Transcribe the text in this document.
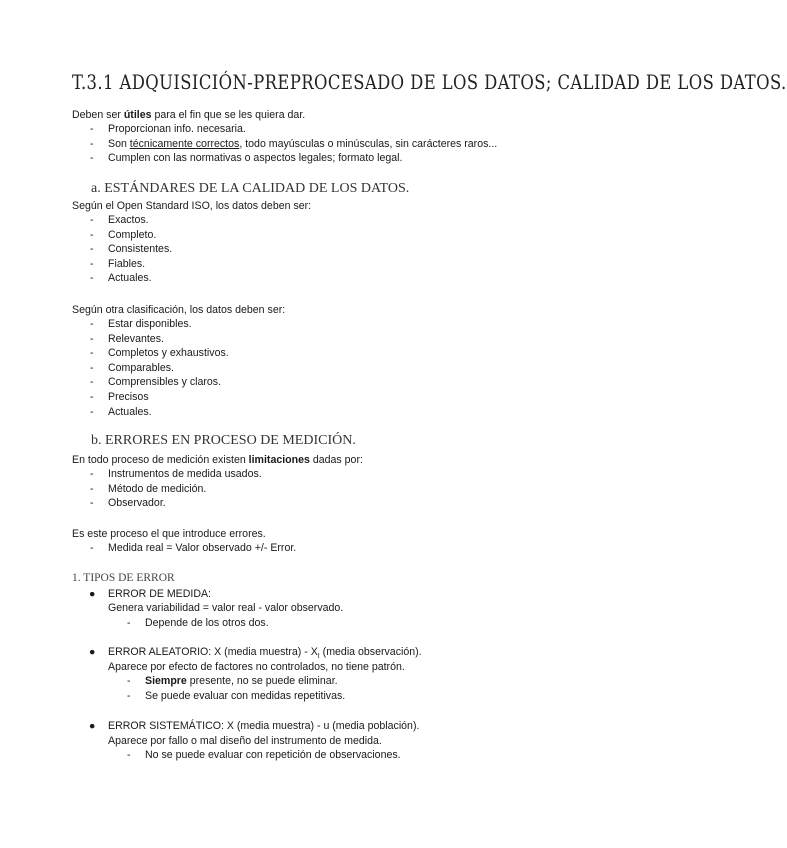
T.3.1 ADQUISICIÓN-PREPROCESADO DE LOS DATOS; CALIDAD DE LOS DATOS.
Deben ser útiles para el fin que se les quiera dar.
- Proporcionan info. necesaria.
- Son técnicamente correctos, todo mayúsculas o minúsculas, sin carácteres raros...
- Cumplen con las normativas o aspectos legales; formato legal.
a. ESTÁNDARES DE LA CALIDAD DE LOS DATOS.
Según el Open Standard ISO, los datos deben ser:
- Exactos.
- Completo.
- Consistentes.
- Fiables.
- Actuales.
Según otra clasificación, los datos deben ser:
- Estar disponibles.
- Relevantes.
- Completos y exhaustivos.
- Comparables.
- Comprensibles y claros.
- Precisos
- Actuales.
b. ERRORES EN PROCESO DE MEDICIÓN.
En todo proceso de medición existen limitaciones dadas por:
- Instrumentos de medida usados.
- Método de medición.
- Observador.
Es este proceso el que introduce errores.
- Medida real = Valor observado +/- Error.
1. TIPOS DE ERROR
● ERROR DE MEDIDA:
Genera variabilidad = valor real - valor observado.
- Depende de los otros dos.
● ERROR ALEATORIO: X (media muestra) - $X_I$ (media observación).
Aparece por efecto de factores no controlados, no tiene patrón.
- Siempre presente, no se puede eliminar.
- Se puede evaluar con medidas repetitivas.
● ERROR SISTEMÁTICO: X (media muestra) - u (media población).
Aparece por fallo o mal diseño del instrumento de medida.
- No se puede evaluar con repetición de observaciones.
